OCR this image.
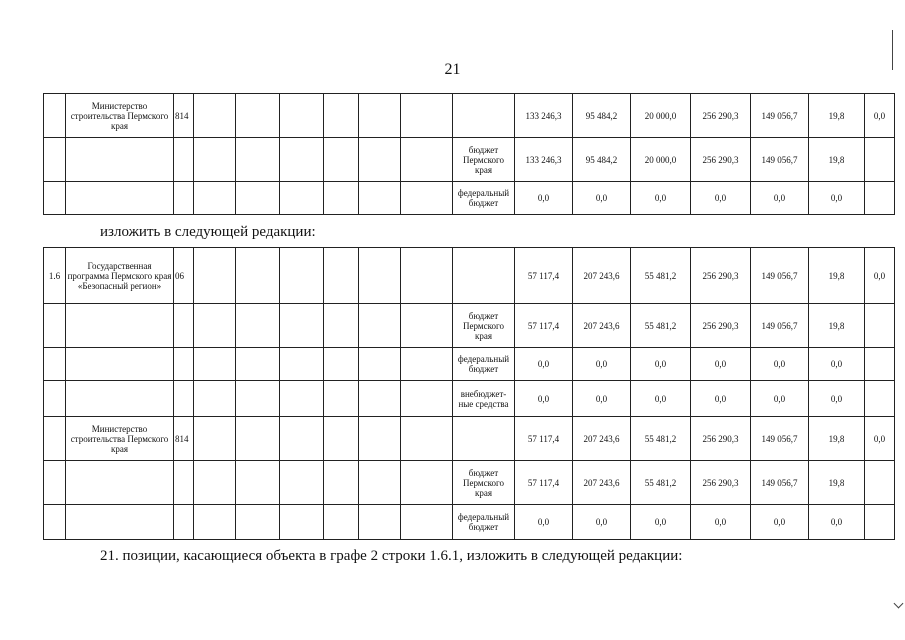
21
	Министерство строительства Пермского края	814								133 246,3	95 484,2	20 000,0	256 290,3	149 056,7	19,8	0,0
									бюджет Пермского края	133 246,3	95 484,2	20 000,0	256 290,3	149 056,7	19,8	
									федеральный бюджет	0,0	0,0	0,0	0,0	0,0	0,0	
изложить в следующей редакции:
1.6	Государственная программа Пермского края «Безопасный регион»	06								57 117,4	207 243,6	55 481,2	256 290,3	149 056,7	19,8	0,0
									бюджет Пермского края	57 117,4	207 243,6	55 481,2	256 290,3	149 056,7	19,8	
									федеральный бюджет	0,0	0,0	0,0	0,0	0,0	0,0	
									внебюджет-ные средства	0,0	0,0	0,0	0,0	0,0	0,0	
	Министерство строительства Пермского края	814								57 117,4	207 243,6	55 481,2	256 290,3	149 056,7	19,8	0,0
									бюджет Пермского края	57 117,4	207 243,6	55 481,2	256 290,3	149 056,7	19,8	
									федеральный бюджет	0,0	0,0	0,0	0,0	0,0	0,0	
21. позиции, касающиеся объекта в графе 2 строки 1.6.1, изложить в следующей редакции:
